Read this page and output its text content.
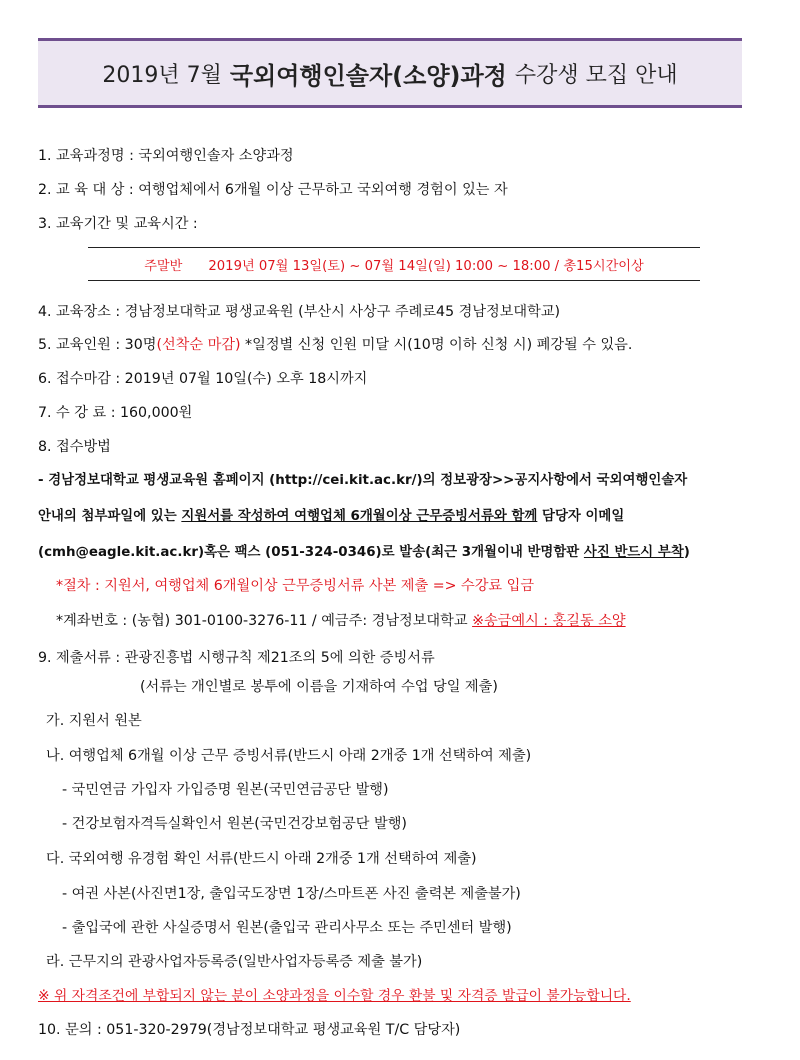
2019년 7월 국외여행인솔자(소양)과정 수강생 모집 안내
1. 교육과정명 : 국외여행인솔자 소양과정
2. 교 육 대 상 : 여행업체에서 6개월 이상 근무하고 국외여행 경험이 있는 자
3. 교육기간 및 교육시간 :
주말반 2019년 07월 13일(토) ~ 07월 14일(일) 10:00 ~ 18:00 / 총15시간이상
4. 교육장소 : 경남정보대학교 평생교육원 (부산시 사상구 주례로45 경남정보대학교)
5. 교육인원 : 30명(선착순 마감) *일정별 신청 인원 미달 시(10명 이하 신청 시) 폐강될 수 있음.
6. 접수마감 : 2019년 07월 10일(수) 오후 18시까지
7. 수 강 료 : 160,000원
8. 접수방법
- 경남정보대학교 평생교육원 홈페이지 (http://cei.kit.ac.kr/)의 정보광장>>공지사항에서 국외여행인솔자
안내의 첨부파일에 있는 지원서를 작성하여 여행업체 6개월이상 근무증빙서류와 함께 담당자 이메일
(cmh@eagle.kit.ac.kr)혹은 팩스 (051-324-0346)로 발송(최근 3개월이내 반명함판 사진 반드시 부착)
*절차 : 지원서, 여행업체 6개월이상 근무증빙서류 사본 제출 => 수강료 입금
*계좌번호 : (농협) 301-0100-3276-11 / 예금주: 경남정보대학교 ※송금예시 : 홍길동 소양
9. 제출서류 : 관광진흥법 시행규칙 제21조의 5에 의한 증빙서류
(서류는 개인별로 봉투에 이름을 기재하여 수업 당일 제출)
가. 지원서 원본
나. 여행업체 6개월 이상 근무 증빙서류(반드시 아래 2개중 1개 선택하여 제출)
- 국민연금 가입자 가입증명 원본(국민연금공단 발행)
- 건강보험자격득실확인서 원본(국민건강보험공단 발행)
다. 국외여행 유경험 확인 서류(반드시 아래 2개중 1개 선택하여 제출)
- 여권 사본(사진면1장, 출입국도장면 1장/스마트폰 사진 출력본 제출불가)
- 출입국에 관한 사실증명서 원본(출입국 관리사무소 또는 주민센터 발행)
라. 근무지의 관광사업자등록증(일반사업자등록증 제출 불가)
※ 위 자격조건에 부합되지 않는 분이 소양과정을 이수할 경우 환불 및 자격증 발급이 불가능합니다.
10. 문의 : 051-320-2979(경남정보대학교 평생교육원 T/C 담당자)
